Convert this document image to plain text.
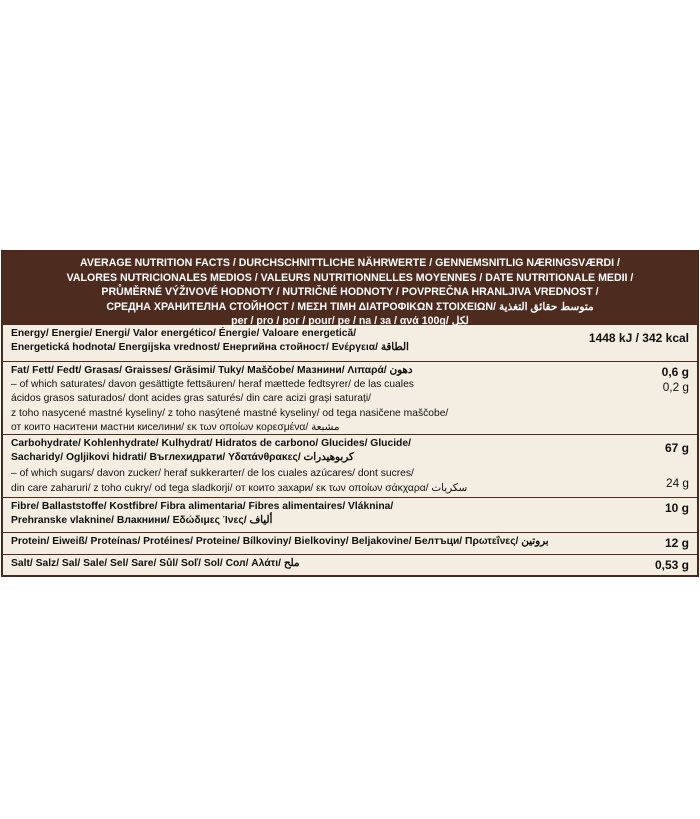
AVERAGE NUTRITION FACTS / DURCHSCHNITTLICHE NÄHRWERTE / GENNEMSNITLIG NÆRINGSVÆRDI /
VALORES NUTRICIONALES MEDIOS / VALEURS NUTRITIONNELLES MOYENNES / DATE NUTRITIONALE MEDII /
PRŮMĚRNÉ VÝŽIVOVÉ HODNOTY / NUTRIČNÉ HODNOTY / POVPREČNA HRANLJIVA VREDNOST /
СРЕДНА ХРАНИТЕЛНА СТОЙНОСТ / ΜΕΣΗ ΤΙΜΗ ΔΙΑΤΡΟΦΙΚΩΝ ΣΤΟΙΧΕΙΩΝ/ متوسط حقائق التغذية
per / pro / por / pour/ pe / na / за / ανά 100g/ لكل
Energy/ Energie/ Energi/ Valor energético/ Énergie/ Valoare energetică/
Energetická hodnota/ Energijska vrednost/ Енергийна стойност/ Ενέργεια/ الطاقة
1448 kJ / 342 kcal
Fat/ Fett/ Fedt/ Grasas/ Graisses/ Grăsimi/ Tuky/ Maščobe/ Мазнини/ Λιπαρά/ دهون
– of which saturates/ davon gesättigte fettsäuren/ heraf mættede fedtsyrer/ de las cuales
ácidos grasos saturados/ dont acides gras saturés/ din care acizi grași saturați/
z toho nasycené mastné kyseliny/ z toho nasýtené mastné kyseliny/ od tega nasičene maščobe/
от които наситени мастни киселини/ εκ των οποίων κορεσμένα/ مشبعة
0,6 g
0,2 g
Carbohydrate/ Kohlenhydrate/ Kulhydrat/ Hidratos de carbono/ Glucides/ Glucide/
Sacharidy/ Ogljikovi hidrati/ Въглехидрати/ Υδατάνθρακες/ كربوهيدرات
– of which sugars/ davon zucker/ heraf sukkerarter/ de los cuales azúcares/ dont sucres/
din care zaharuri/ z toho cukry/ od tega sladkorji/ от които захари/ εκ των οποίων σάκχαρα/ سكريات
67 g
24 g
Fibre/ Ballaststoffe/ Kostfibre/ Fibra alimentaria/ Fibres alimentaires/ Vláknina/
Prehranske vlaknine/ Влакнини/ Εδώδιμες Ίνες/ ألياف
10 g
Protein/ Eiweiß/ Proteínas/ Protéines/ Proteine/ Bílkoviny/ Bielkoviny/ Beljakovine/ Белтъци/ Πρωτεΐνες/ بروتين	12 g
Salt/ Salz/ Sal/ Sale/ Sel/ Sare/ Sůl/ Soľ/ Sol/ Сол/ Αλάτι/ ملح	0,53 g
